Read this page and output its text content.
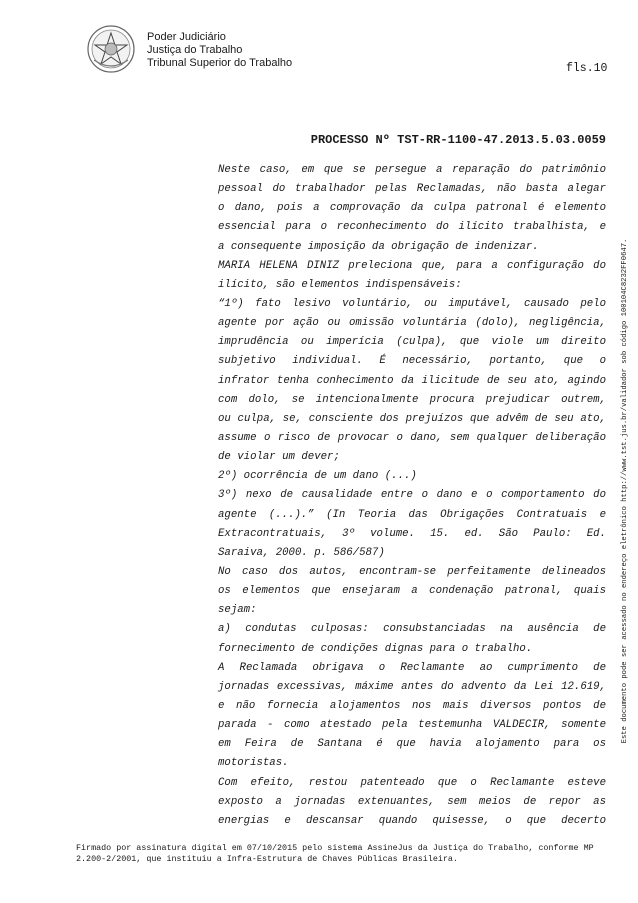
Poder Judiciário
Justiça do Trabalho
Tribunal Superior do Trabalho	fls.10
PROCESSO Nº TST-RR-1100-47.2013.5.03.0059
Neste caso, em que se persegue a reparação do patrimônio
pessoal do trabalhador pelas Reclamadas, não basta alegar
o dano, pois a comprovação da culpa patronal é elemento
essencial para o reconhecimento do ilícito trabalhista, e
a consequente imposição da obrigação de indenizar.
MARIA HELENA DINIZ preleciona que, para a configuração do
ilícito, são elementos indispensáveis:
“1º) fato lesivo voluntário, ou imputável, causado pelo
agente por ação ou omissão voluntária (dolo), negligência,
imprudência ou imperícia (culpa), que viole um direito
subjetivo individual. É necessário, portanto, que o
infrator tenha conhecimento da ilicitude de seu ato, agindo
com dolo, se intencionalmente procura prejudicar outrem,
ou culpa, se, consciente dos prejuízos que advêm de seu ato,
assume o risco de provocar o dano, sem qualquer deliberação
de violar um dever;
2º) ocorrência de um dano (...)
3º) nexo de causalidade entre o dano e o comportamento do
agente (...).” (In Teoria das Obrigações Contratuais e
Extracontratuais, 3º volume. 15. ed. São Paulo: Ed.
Saraiva, 2000. p. 586/587)
No caso dos autos, encontram-se perfeitamente delineados
os elementos que ensejaram a condenação patronal, quais
sejam:
a) condutas culposas: consubstanciadas na ausência de
fornecimento de condições dignas para o trabalho.
A Reclamada obrigava o Reclamante ao cumprimento de
jornadas excessivas, máxime antes do advento da Lei 12.619,
e não fornecia alojamentos nos mais diversos pontos de
parada - como atestado pela testemunha VALDECIR, somente
em Feira de Santana é que havia alojamento para os
motoristas.
Com efeito, restou patenteado que o Reclamante esteve
exposto a jornadas extenuantes, sem meios de repor as
energias e descansar quando quisesse, o que decerto
Este documento pode ser acessado no endereço eletrônico http://www.tst.jus.br/validador sob código 100104C8232FF0647.
Firmado por assinatura digital em 07/10/2015 pelo sistema AssineJus da Justiça do Trabalho, conforme MP
2.200-2/2001, que instituiu a Infra-Estrutura de Chaves Públicas Brasileira.
